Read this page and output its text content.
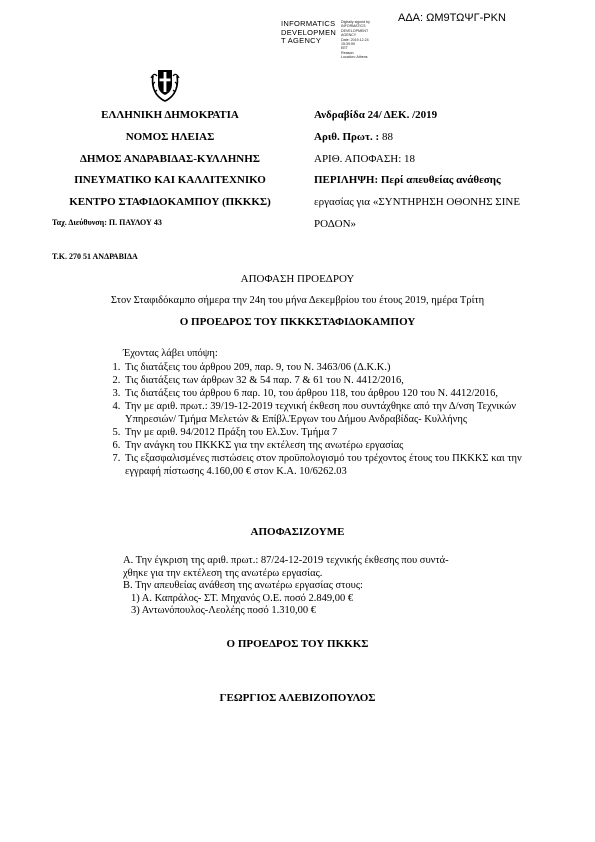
ΑΔΑ: ΩΜ9ΤΩΨΓ-ΡΚΝ
INFORMATICS
DEVELOPMEN
T AGENCY
Digitally signed by
INFORMATICS
DEVELOPMENT AGENCY
Date: 2019.12.24 15:39:59
EET
Reason:
Location: Athens
ΕΛΛΗΝΙΚΗ ΔΗΜΟΚΡΑΤΙΑ
ΝΟΜΟΣ ΗΛΕΙΑΣ
ΔΗΜΟΣ ΑΝΔΡΑΒΙΔΑΣ-ΚΥΛΛΗΝΗΣ
ΠΝΕΥΜΑΤΙΚΟ ΚΑΙ ΚΑΛΛΙΤΕΧΝΙΚΟ
ΚΕΝΤΡΟ ΣΤΑΦΙΔΟΚΑΜΠΟΥ (ΠΚΚΚΣ)
Ταχ. Διεύθυνση: Π. ΠΑΥΛΟΥ 43
Ανδραβίδα 24/ ΔΕΚ. /2019
Αριθ. Πρωτ. : 88
ΑΡΙΘ. ΑΠΟΦΑΣΗ: 18
ΠΕΡΙΛΗΨΗ: Περί απευθείας ανάθεσης
εργασίας για «ΣΥΝΤΗΡΗΣΗ ΟΘΟΝΗΣ ΣΙΝΕ
ΡΟΔΟΝ»
Τ.Κ. 270 51 ΑΝΔΡΑΒΙΔΑ
ΑΠΟΦΑΣΗ ΠΡΟΕΔΡΟΥ
Στον Σταφιδόκαμπο σήμερα την 24η του μήνα Δεκεμβρίου του έτους 2019, ημέρα Τρίτη
Ο ΠΡΟΕΔΡΟΣ ΤΟΥ ΠΚΚΚΣΤΑΦΙΔΟΚΑΜΠΟΥ
Έχοντας λάβει υπόψη:
1. Τις διατάξεις του άρθρου 209, παρ. 9, του Ν. 3463/06 (Δ.Κ.Κ.)
2. Τις διατάξεις των άρθρων 32 & 54 παρ. 7 & 61 του Ν. 4412/2016,
3. Τις διατάξεις του άρθρου 6 παρ. 10, του άρθρου 118, του άρθρου 120 του Ν. 4412/2016,
4. Την με αριθ. πρωτ.: 39/19-12-2019 τεχνική έκθεση που συντάχθηκε από την Δ/νση Τεχνικών Υπηρεσιών/ Τμήμα Μελετών & Επίβλ.Έργων του Δήμου Ανδραβίδας- Κυλλήνης
5. Την με αριθ. 94/2012 Πράξη του Ελ.Συν. Τμήμα 7
6. Την ανάγκη του ΠΚΚΚΣ για την εκτέλεση της ανωτέρω εργασίας
7. Τις εξασφαλισμένες πιστώσεις στον προϋπολογισμό του τρέχοντος έτους του ΠΚΚΚΣ και την εγγραφή πίστωσης 4.160,00 € στον Κ.Α. 10/6262.03
ΑΠΟΦΑΣΙΖΟΥΜΕ
Α. Την έγκριση της αριθ. πρωτ.: 87/24-12-2019 τεχνικής έκθεσης που συντά-
χθηκε για την εκτέλεση της ανωτέρω εργασίας.
Β. Την απευθείας ανάθεση της ανωτέρω εργασίας στους:
1) Α. Καπράλος- ΣΤ. Μηχανός Ο.Ε. ποσό 2.849,00 €
3) Αντωνόπουλος-Λεολέης ποσό 1.310,00 €
Ο ΠΡΟΕΔΡΟΣ ΤΟΥ ΠΚΚΚΣ
ΓΕΩΡΓΙΟΣ ΑΛΕΒΙΖΟΠΟΥΛΟΣ
